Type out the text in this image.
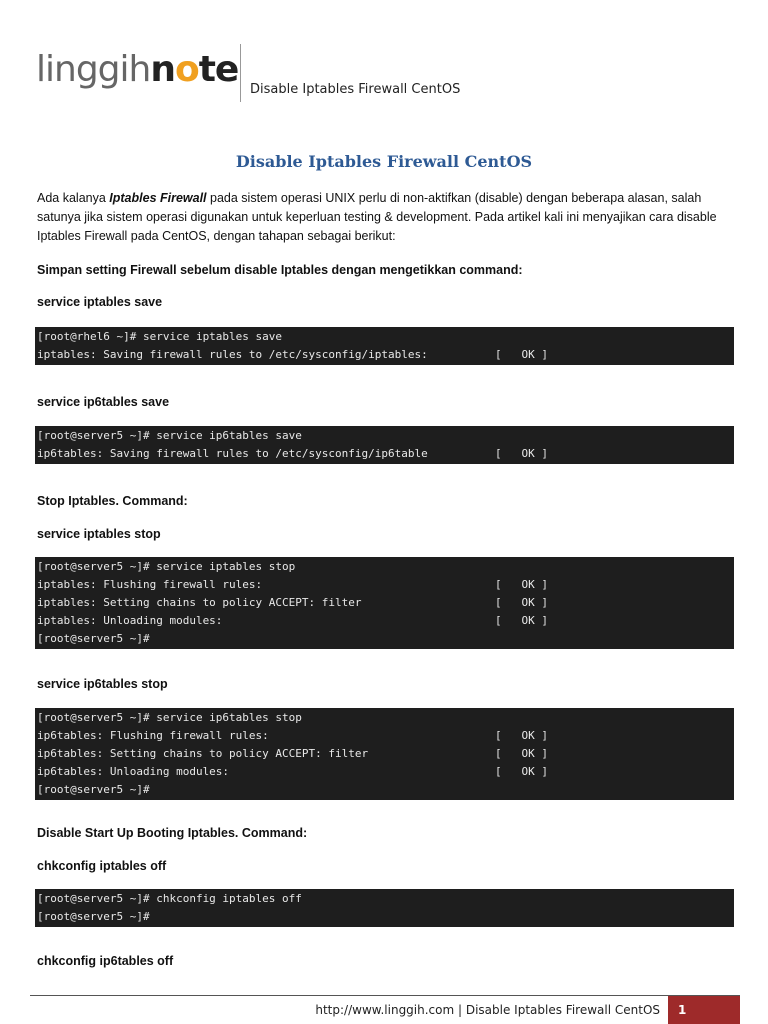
linggihnote Disable Iptables Firewall CentOS
Disable Iptables Firewall CentOS
Ada kalanya Iptables Firewall pada sistem operasi UNIX perlu di non-aktifkan (disable) dengan beberapa alasan, salah satunya jika sistem operasi digunakan untuk keperluan testing & development. Pada artikel kali ini menyajikan cara disable Iptables Firewall pada CentOS, dengan tahapan sebagai berikut:
Simpan setting Firewall sebelum disable Iptables dengan mengetikkan command:
service iptables save
[root@rhel6 ~]# service iptables save
iptables: Saving firewall rules to /etc/sysconfig/iptables:	[   OK ]
service ip6tables save
[root@server5 ~]# service ip6tables save
ip6tables: Saving firewall rules to /etc/sysconfig/ip6table	[   OK ]
Stop Iptables. Command:
service iptables stop
[root@server5 ~]# service iptables stop
iptables: Flushing firewall rules:	[   OK ]
iptables: Setting chains to policy ACCEPT: filter	[   OK ]
iptables: Unloading modules:	[   OK ]
[root@server5 ~]#
service ip6tables stop
[root@server5 ~]# service ip6tables stop
ip6tables: Flushing firewall rules:	[   OK ]
ip6tables: Setting chains to policy ACCEPT: filter	[   OK ]
ip6tables: Unloading modules:	[   OK ]
[root@server5 ~]#
Disable Start Up Booting Iptables. Command:
chkconfig iptables off
[root@server5 ~]# chkconfig iptables off
[root@server5 ~]#
chkconfig ip6tables off
http://www.linggih.com | Disable Iptables Firewall CentOS	1
